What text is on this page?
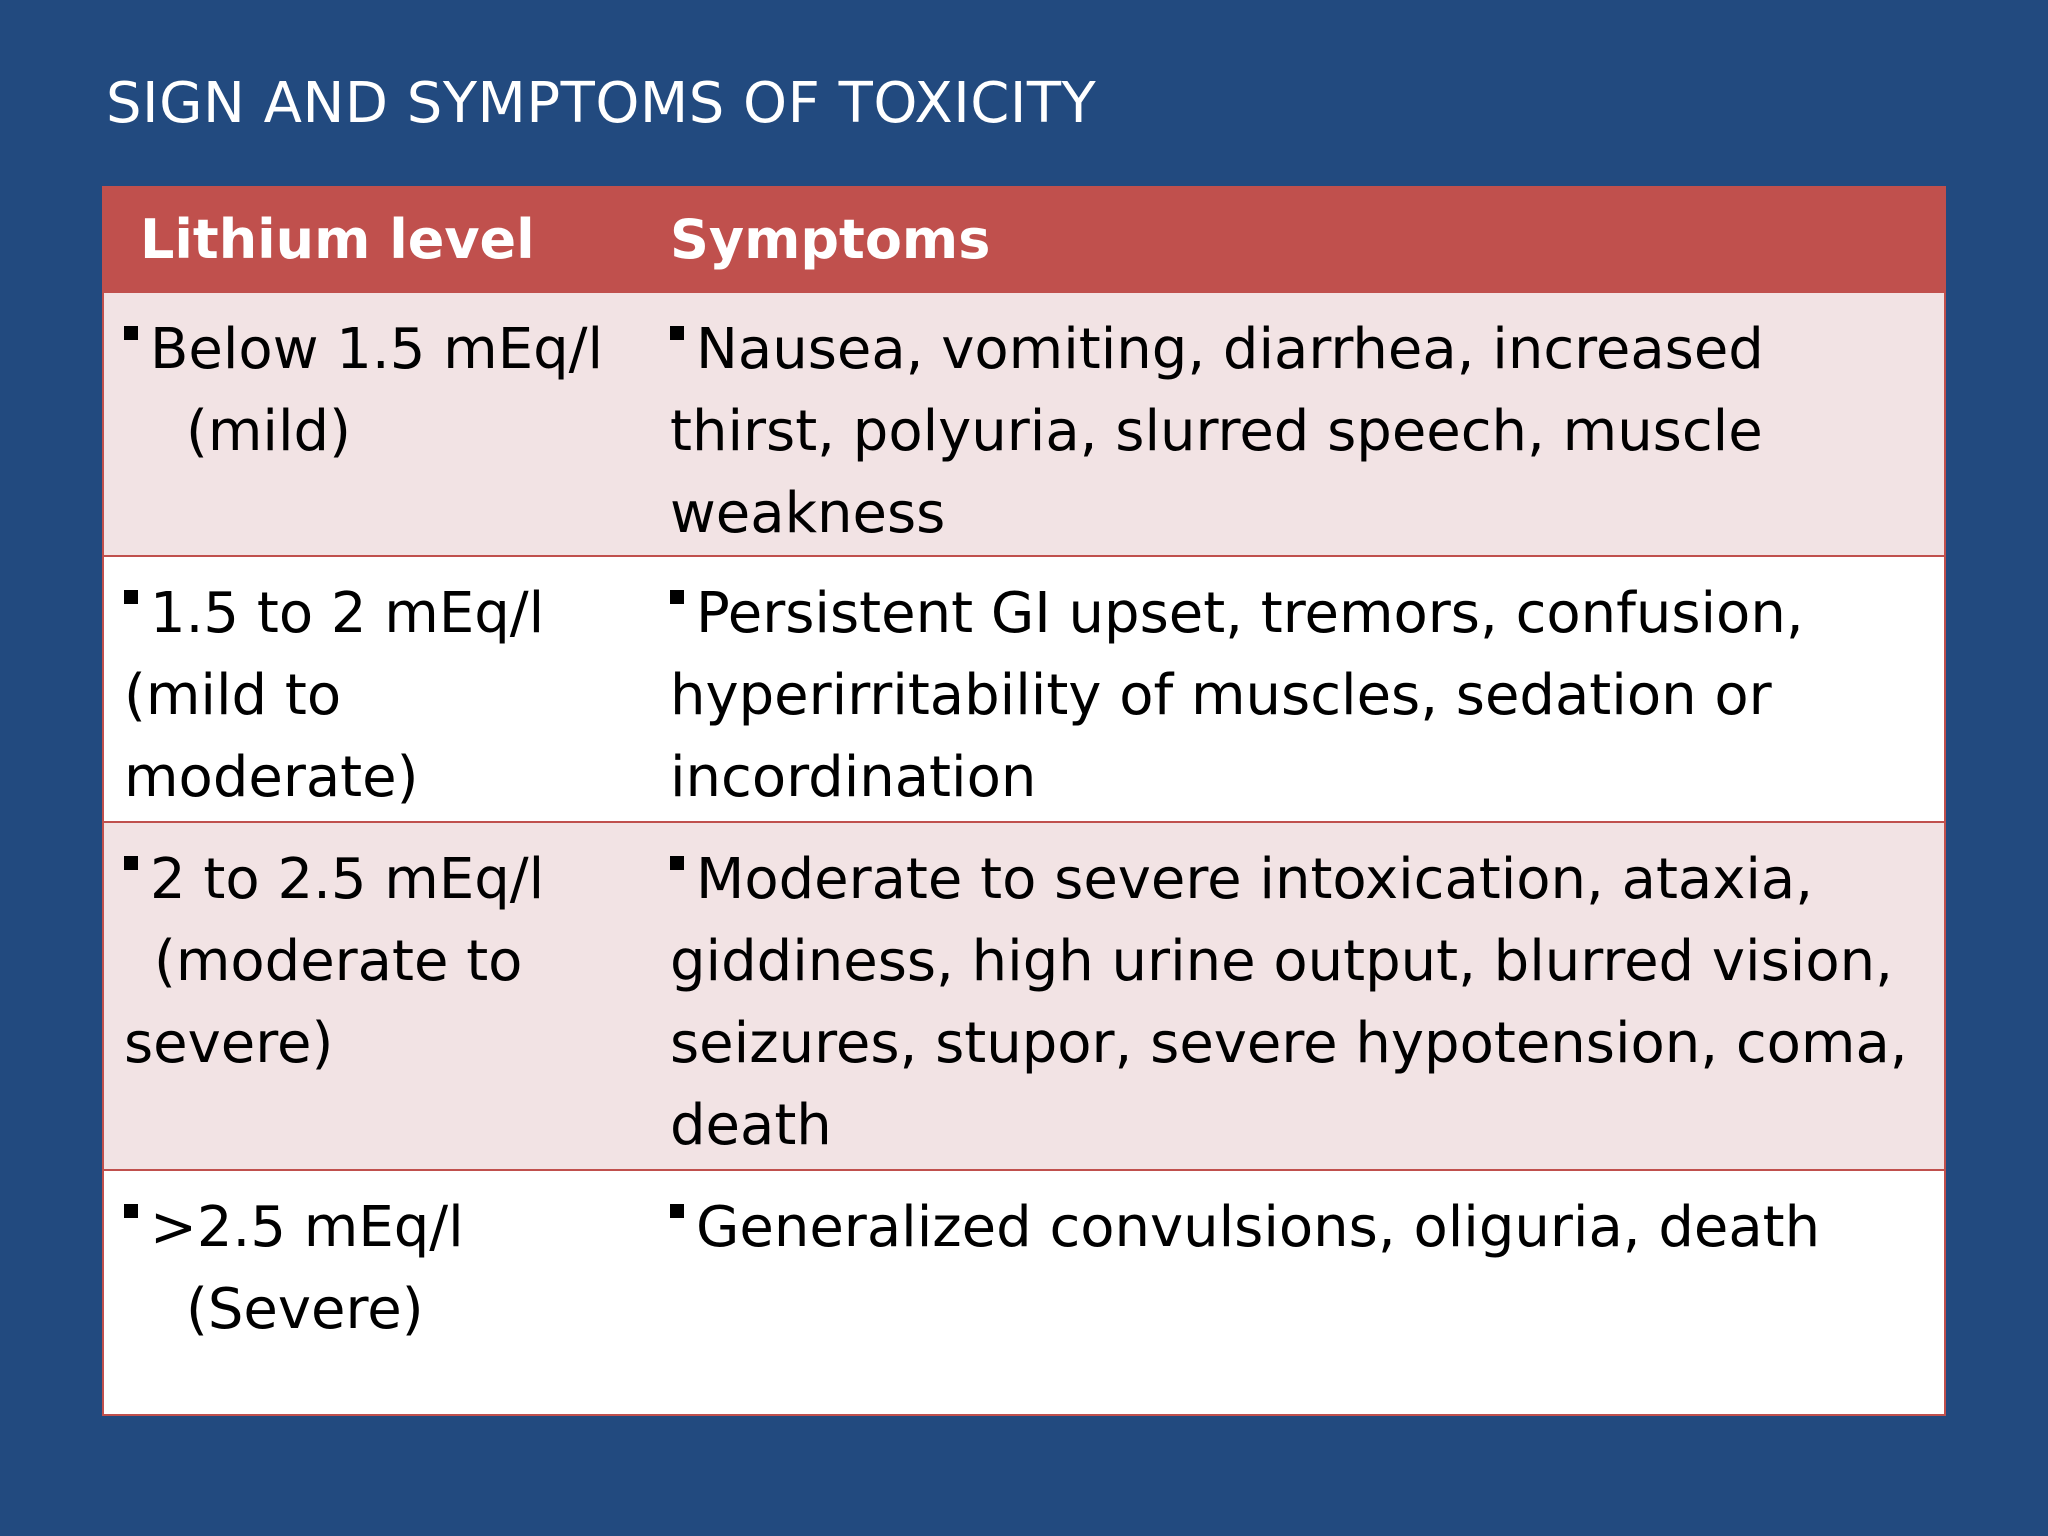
SIGN AND SYMPTOMS OF TOXICITY
Lithium level	Symptoms
Below 1.5 mEq/l
(mild)	Nausea, vomiting, diarrhea, increased thirst, polyuria, slurred speech, muscle weakness
1.5 to 2 mEq/l
(mild to
moderate)	Persistent GI upset, tremors, confusion, hyperirritability of muscles, sedation or incordination
2 to 2.5 mEq/l
(moderate to
severe)	Moderate to severe intoxication, ataxia, giddiness, high urine output, blurred vision, seizures, stupor, severe hypotension, coma, death
>2.5 mEq/l
(Severe)	Generalized convulsions, oliguria, death
